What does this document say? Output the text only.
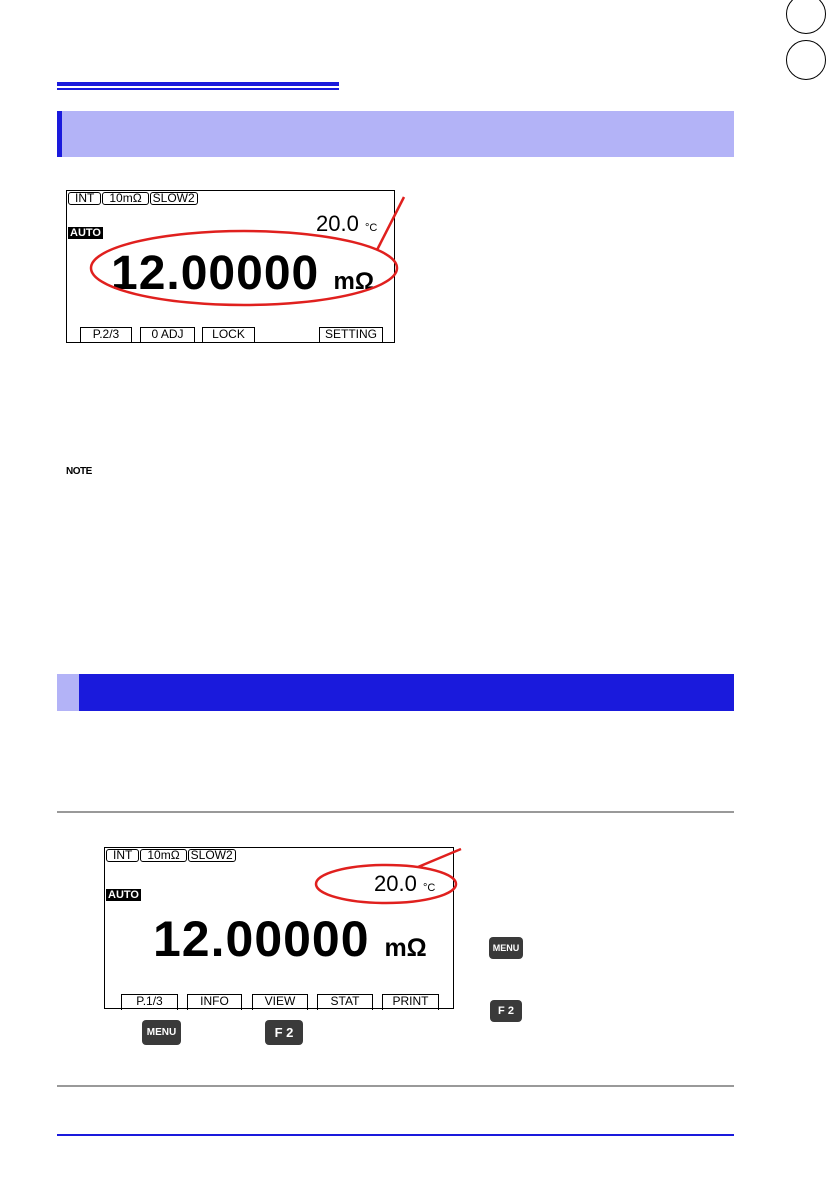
INT	10mΩ SLOW2
AUTO	20.0 °C
12.00000 mΩ
P.2/3	0 ADJ	LOCK	SETTING
NOTE
INT	10mΩ SLOW2
AUTO	20.0 °C
12.00000 mΩ
P.1/3	INFO	VIEW	STAT	PRINT
MENU
F 2
MENU	F 2
